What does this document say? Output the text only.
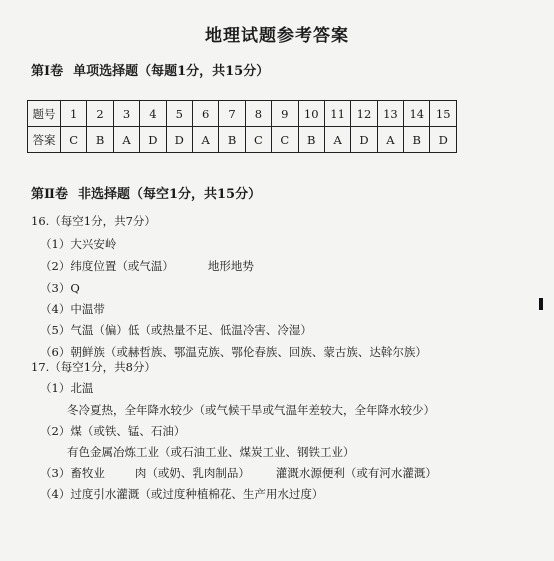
地理试题参考答案
第Ⅰ卷 单项选择题（每题1分，共15分）
题号	1	2	3	4	5	6	7	8	9	10	11	12	13	14	15
答案	C	B	A	D	D	A	B	C	C	B	A	D	A	B	D
第Ⅱ卷 非选择题（每空1分，共15分）
16.（每空1分，共7分）
（1）大兴安岭
（2）纬度位置（或气温）	地形地势
（3）Q
（4）中温带
（5）气温（偏）低（或热量不足、低温冷害、冷湿）
（6）朝鲜族（或赫哲族、鄂温克族、鄂伦春族、回族、蒙古族、达斡尔族）
17.（每空1分，共8分）
（1）北温
冬冷夏热，全年降水较少（或气候干旱或气温年差较大，全年降水较少）
（2）煤（或铁、锰、石油）
有色金属冶炼工业（或石油工业、煤炭工业、钢铁工业）
（3）畜牧业	肉（或奶、乳肉制品） 灌溉水源便利（或有河水灌溉）
（4）过度引水灌溉（或过度种植棉花、生产用水过度）
